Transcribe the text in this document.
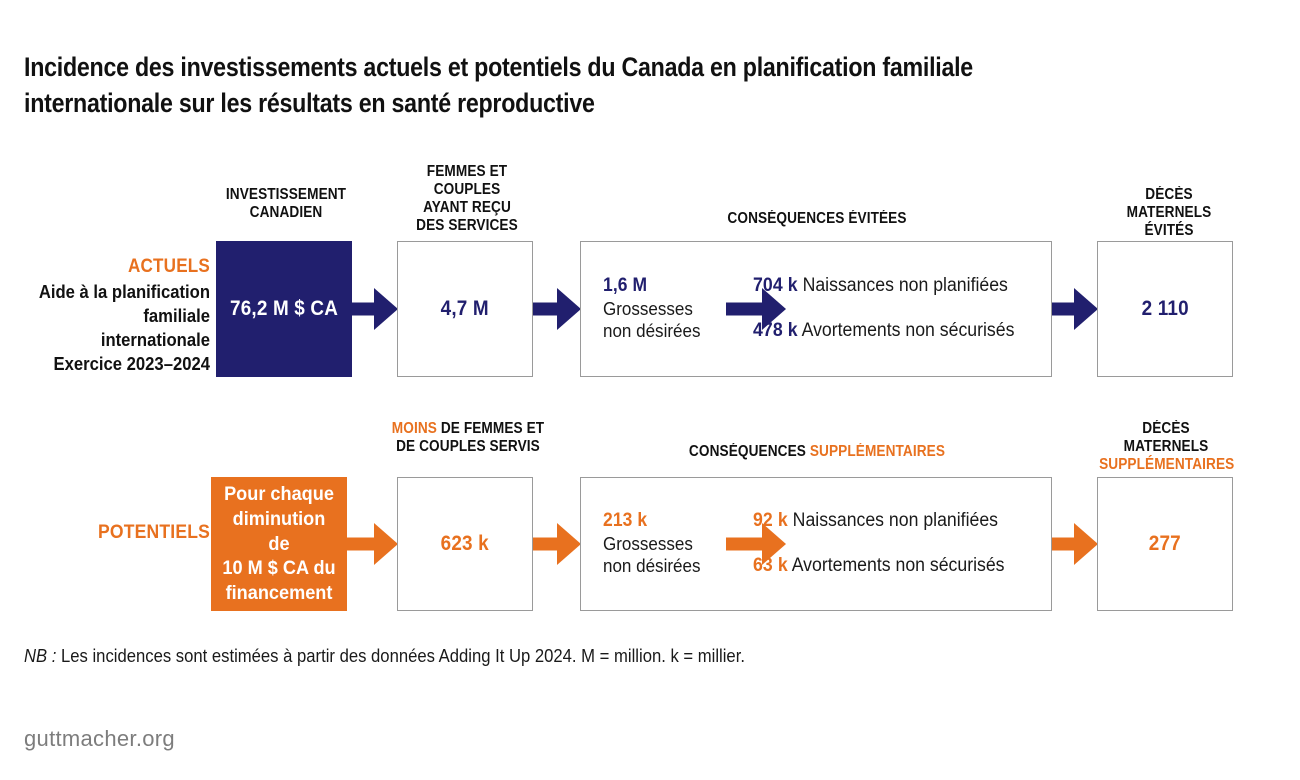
Incidence des investissements actuels et potentiels du Canada en planification familiale internationale sur les résultats en santé reproductive
INVESTISSEMENT CANADIEN
FEMMES ET COUPLES
AYANT REÇU
DES SERVICES	CONSÉQUENCES ÉVITÉES
DÉCÈS MATERNELS
ÉVITÉS
MOINS DE FEMMES ET
DE COUPLES SERVIS	CONSÉQUENCES SUPPLÉMENTAIRES
DÉCÈS MATERNELS
SUPPLÉMENTAIRES
ACTUELS
Aide à la planification
familiale internationale
Exercice 2023–2024
76,2 M $ CA	4,7 M
1,6 M
Grossesses
non désirées
704 k Naissances non planifiées
478 k Avortements non sécurisés
2 110
POTENTIELS
Pour chaque
diminution de
10 M $ CA du
financement
623 k
213 k
Grossesses
non désirées
92 k Naissances non planifiées
63 k Avortements non sécurisés
277
NB : Les incidences sont estimées à partir des données Adding It Up 2024. M = million. k = millier.
guttmacher.org
